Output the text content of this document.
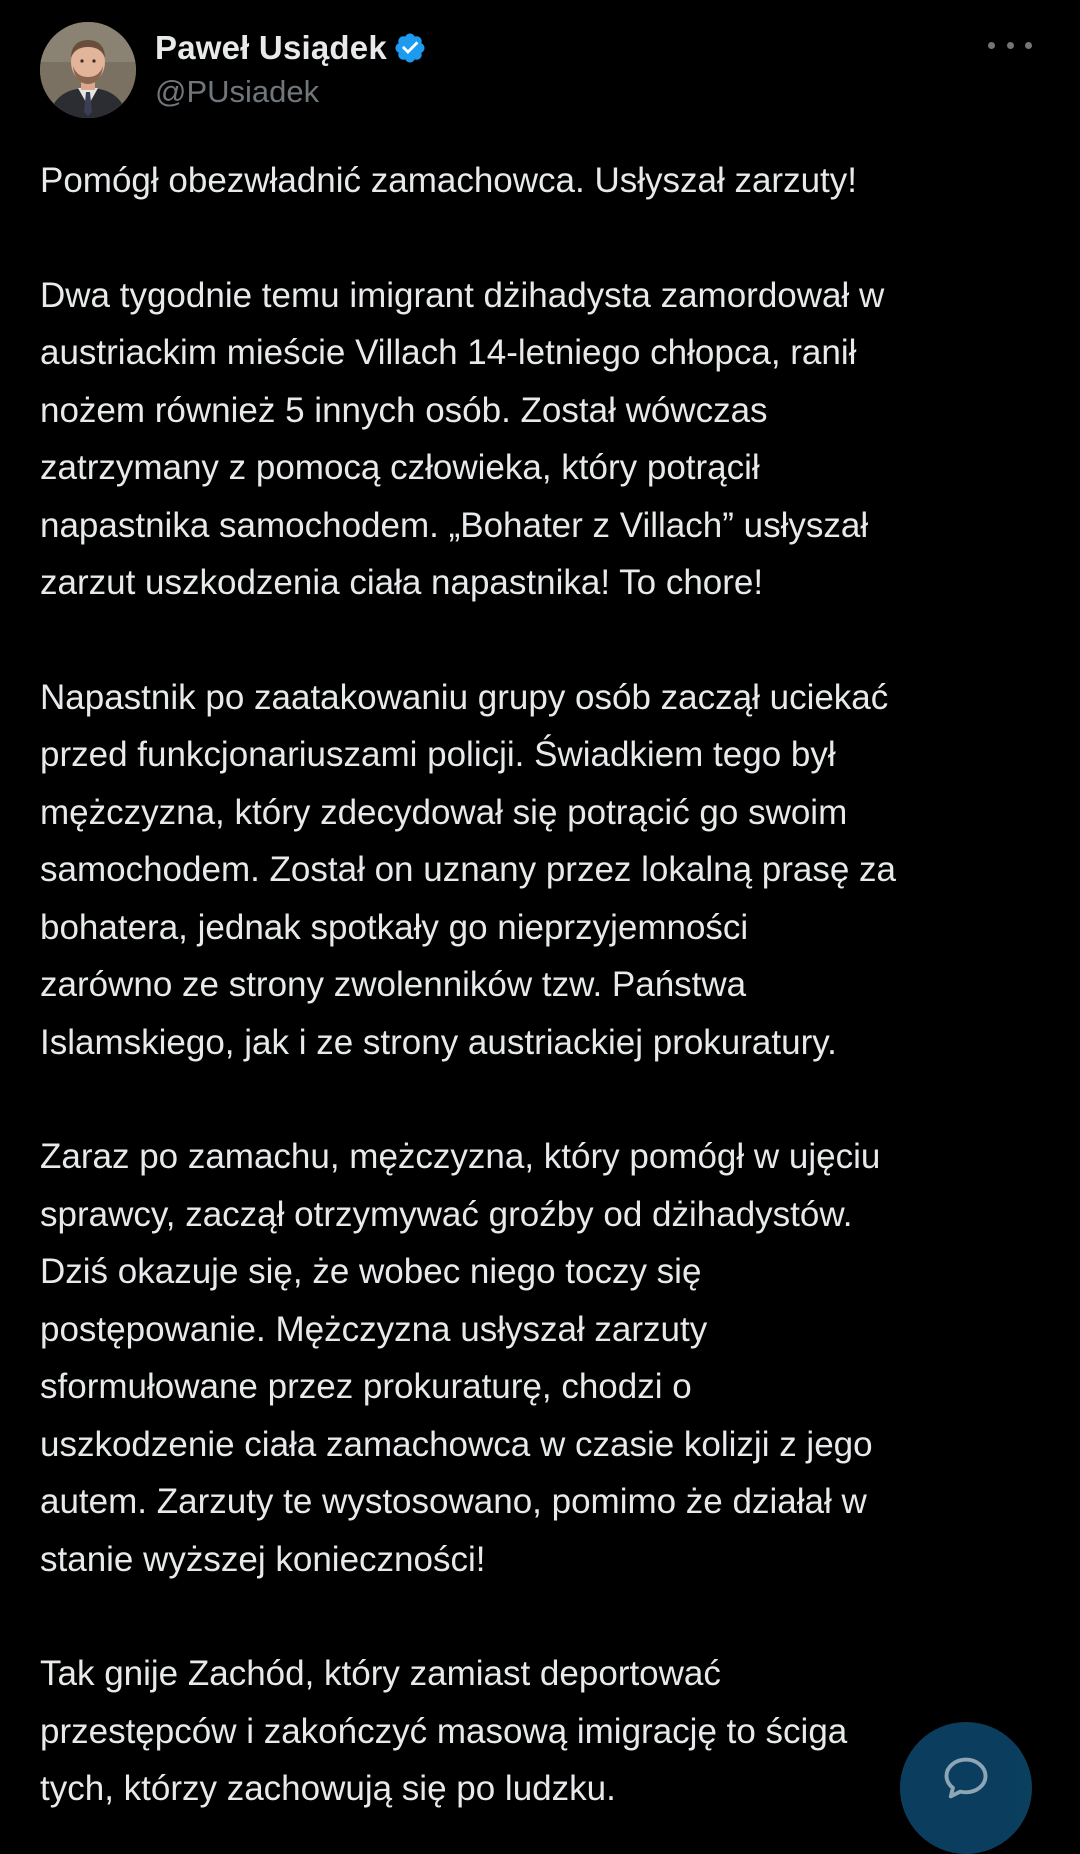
Paweł Usiądek
@PUsiadek

Pomógł obezwładnić zamachowca. Usłyszał zarzuty!

Dwa tygodnie temu imigrant dżihadysta zamordował w
austriackim mieście Villach 14-letniego chłopca, ranił
nożem również 5 innych osób. Został wówczas
zatrzymany z pomocą człowieka, który potrącił
napastnika samochodem. „Bohater z Villach” usłyszał
zarzut uszkodzenia ciała napastnika! To chore!

Napastnik po zaatakowaniu grupy osób zaczął uciekać
przed funkcjonariuszami policji. Świadkiem tego był
mężczyzna, który zdecydował się potrącić go swoim
samochodem. Został on uznany przez lokalną prasę za
bohatera, jednak spotkały go nieprzyjemności
zarówno ze strony zwolenników tzw. Państwa
Islamskiego, jak i ze strony austriackiej prokuratury.

Zaraz po zamachu, mężczyzna, który pomógł w ujęciu
sprawcy, zaczął otrzymywać groźby od dżihadystów.
Dziś okazuje się, że wobec niego toczy się
postępowanie. Mężczyzna usłyszał zarzuty
sformułowane przez prokuraturę, chodzi o
uszkodzenie ciała zamachowca w czasie kolizji z jego
autem. Zarzuty te wystosowano, pomimo że działał w
stanie wyższej konieczności!

Tak gnije Zachód, który zamiast deportować
przestępców i zakończyć masową imigrację to ściga
tych, którzy zachowują się po ludzku.
